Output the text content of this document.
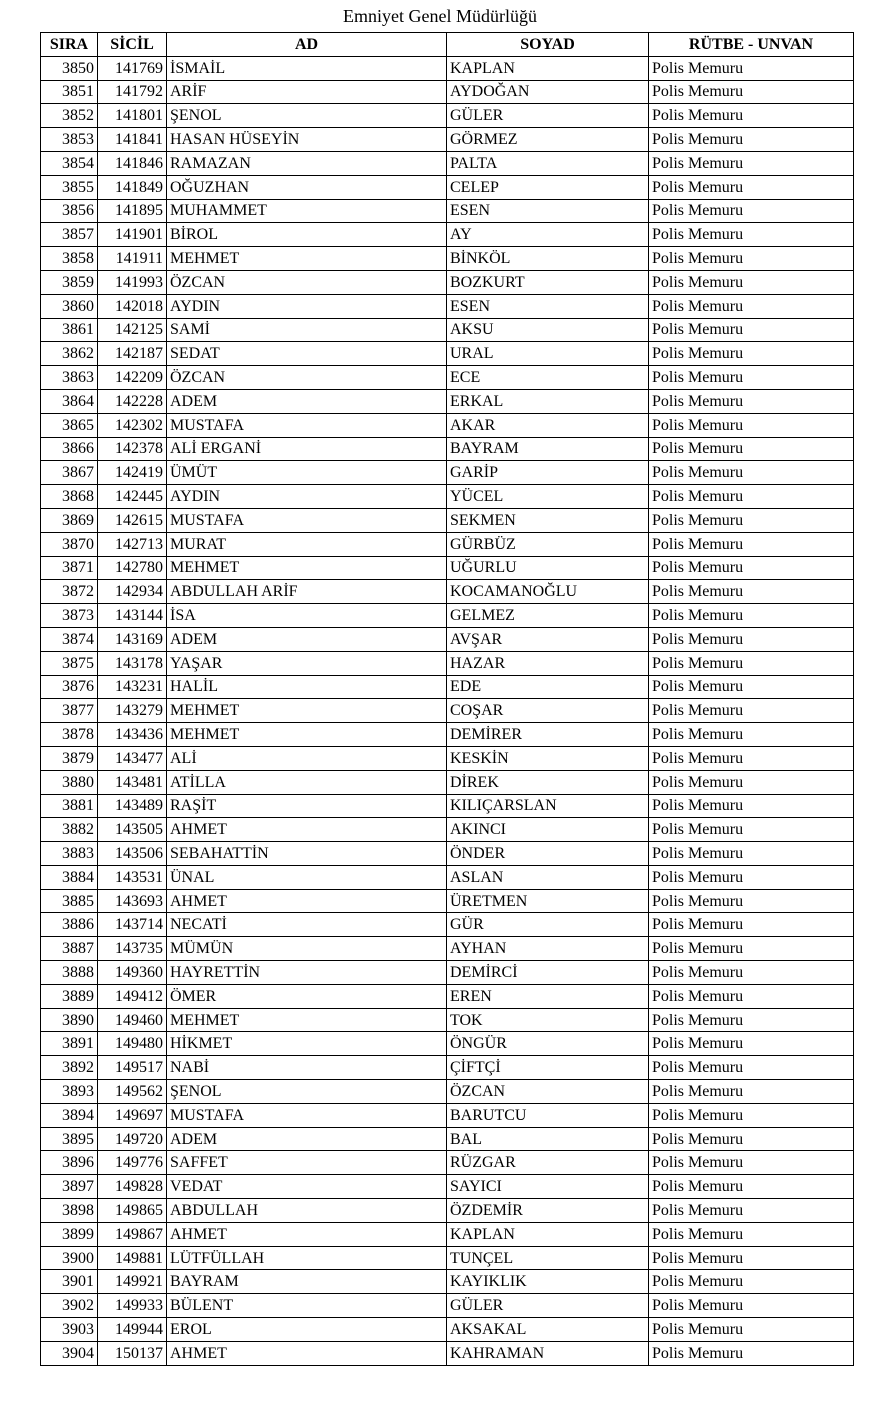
Emniyet Genel Müdürlüğü
SIRA	SİCİL	AD	SOYAD	RÜTBE - UNVAN
3850	141769	İSMAİL	KAPLAN	Polis Memuru
3851	141792	ARİF	AYDOĞAN	Polis Memuru
3852	141801	ŞENOL	GÜLER	Polis Memuru
3853	141841	HASAN HÜSEYİN	GÖRMEZ	Polis Memuru
3854	141846	RAMAZAN	PALTA	Polis Memuru
3855	141849	OĞUZHAN	CELEP	Polis Memuru
3856	141895	MUHAMMET	ESEN	Polis Memuru
3857	141901	BİROL	AY	Polis Memuru
3858	141911	MEHMET	BİNKÖL	Polis Memuru
3859	141993	ÖZCAN	BOZKURT	Polis Memuru
3860	142018	AYDIN	ESEN	Polis Memuru
3861	142125	SAMİ	AKSU	Polis Memuru
3862	142187	SEDAT	URAL	Polis Memuru
3863	142209	ÖZCAN	ECE	Polis Memuru
3864	142228	ADEM	ERKAL	Polis Memuru
3865	142302	MUSTAFA	AKAR	Polis Memuru
3866	142378	ALİ ERGANİ	BAYRAM	Polis Memuru
3867	142419	ÜMÜT	GARİP	Polis Memuru
3868	142445	AYDIN	YÜCEL	Polis Memuru
3869	142615	MUSTAFA	SEKMEN	Polis Memuru
3870	142713	MURAT	GÜRBÜZ	Polis Memuru
3871	142780	MEHMET	UĞURLU	Polis Memuru
3872	142934	ABDULLAH ARİF	KOCAMANOĞLU	Polis Memuru
3873	143144	İSA	GELMEZ	Polis Memuru
3874	143169	ADEM	AVŞAR	Polis Memuru
3875	143178	YAŞAR	HAZAR	Polis Memuru
3876	143231	HALİL	EDE	Polis Memuru
3877	143279	MEHMET	COŞAR	Polis Memuru
3878	143436	MEHMET	DEMİRER	Polis Memuru
3879	143477	ALİ	KESKİN	Polis Memuru
3880	143481	ATİLLA	DİREK	Polis Memuru
3881	143489	RAŞİT	KILIÇARSLAN	Polis Memuru
3882	143505	AHMET	AKINCI	Polis Memuru
3883	143506	SEBAHATTİN	ÖNDER	Polis Memuru
3884	143531	ÜNAL	ASLAN	Polis Memuru
3885	143693	AHMET	ÜRETMEN	Polis Memuru
3886	143714	NECATİ	GÜR	Polis Memuru
3887	143735	MÜMÜN	AYHAN	Polis Memuru
3888	149360	HAYRETTİN	DEMİRCİ	Polis Memuru
3889	149412	ÖMER	EREN	Polis Memuru
3890	149460	MEHMET	TOK	Polis Memuru
3891	149480	HİKMET	ÖNGÜR	Polis Memuru
3892	149517	NABİ	ÇİFTÇİ	Polis Memuru
3893	149562	ŞENOL	ÖZCAN	Polis Memuru
3894	149697	MUSTAFA	BARUTCU	Polis Memuru
3895	149720	ADEM	BAL	Polis Memuru
3896	149776	SAFFET	RÜZGAR	Polis Memuru
3897	149828	VEDAT	SAYICI	Polis Memuru
3898	149865	ABDULLAH	ÖZDEMİR	Polis Memuru
3899	149867	AHMET	KAPLAN	Polis Memuru
3900	149881	LÜTFÜLLAH	TUNÇEL	Polis Memuru
3901	149921	BAYRAM	KAYIKLIK	Polis Memuru
3902	149933	BÜLENT	GÜLER	Polis Memuru
3903	149944	EROL	AKSAKAL	Polis Memuru
3904	150137	AHMET	KAHRAMAN	Polis Memuru
